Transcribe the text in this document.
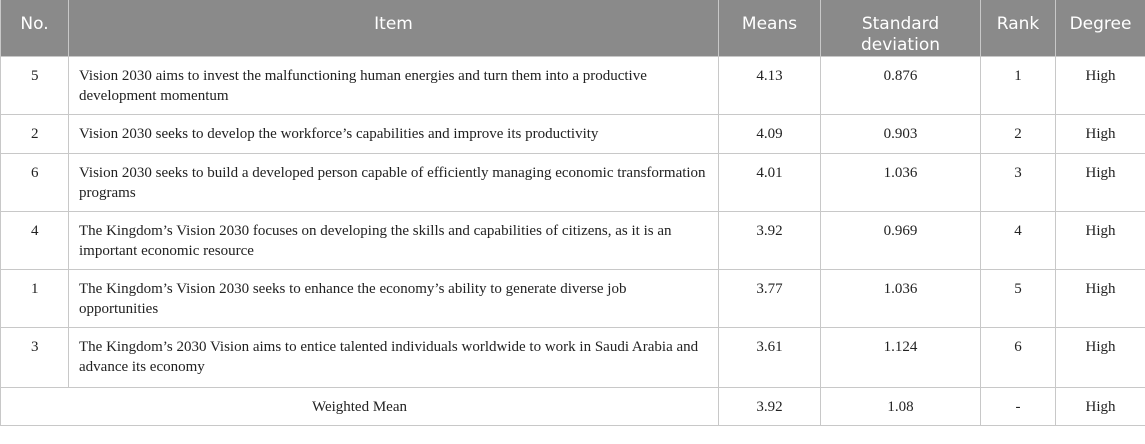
No.	Item	Means	Standard deviation	Rank	Degree
5	Vision 2030 aims to invest the malfunctioning human energies and turn them into a productive development momentum	4.13	0.876	1	High
2	Vision 2030 seeks to develop the workforce’s capabilities and improve its productivity	4.09	0.903	2	High
6	Vision 2030 seeks to build a developed person capable of efficiently managing economic transformation programs	4.01	1.036	3	High
4	The Kingdom’s Vision 2030 focuses on developing the skills and capabilities of citizens, as it is an important economic resource	3.92	0.969	4	High
1	The Kingdom’s Vision 2030 seeks to enhance the economy’s ability to generate diverse job opportunities	3.77	1.036	5	High
3	The Kingdom’s 2030 Vision aims to entice talented individuals worldwide to work in Saudi Arabia and advance its economy	3.61	1.124	6	High
Weighted Mean		3.92	1.08	-	High
